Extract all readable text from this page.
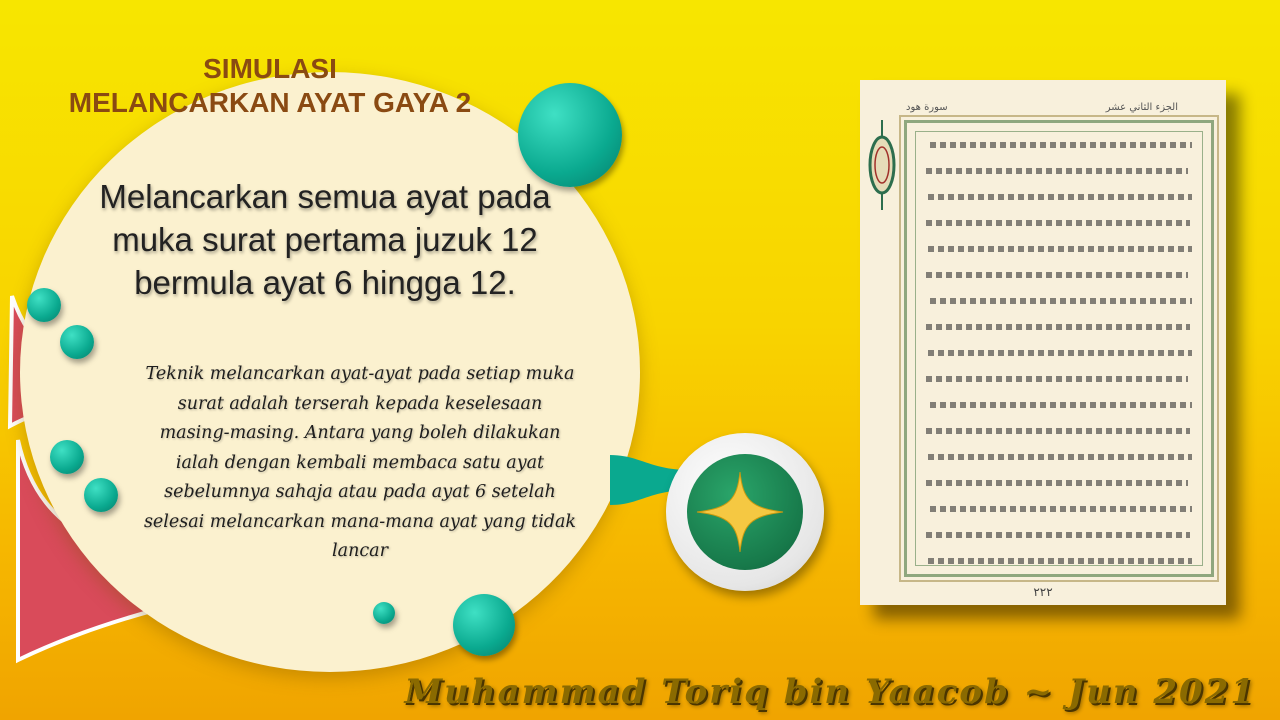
SIMULASI
MELANCARKAN AYAT GAYA 2
Melancarkan semua ayat pada muka surat pertama juzuk 12 bermula ayat 6 hingga 12.
Teknik melancarkan ayat-ayat pada setiap muka surat adalah terserah kepada keselesaan masing-masing. Antara yang boleh dilakukan ialah dengan kembali membaca satu ayat sebelumnya sahaja atau pada ayat 6 setelah selesai melancarkan mana-mana ayat yang tidak lancar
الجزء الثاني عشر
سورة هود
٢٢٢
Muhammad Toriq bin Yaacob ~ Jun 2021
